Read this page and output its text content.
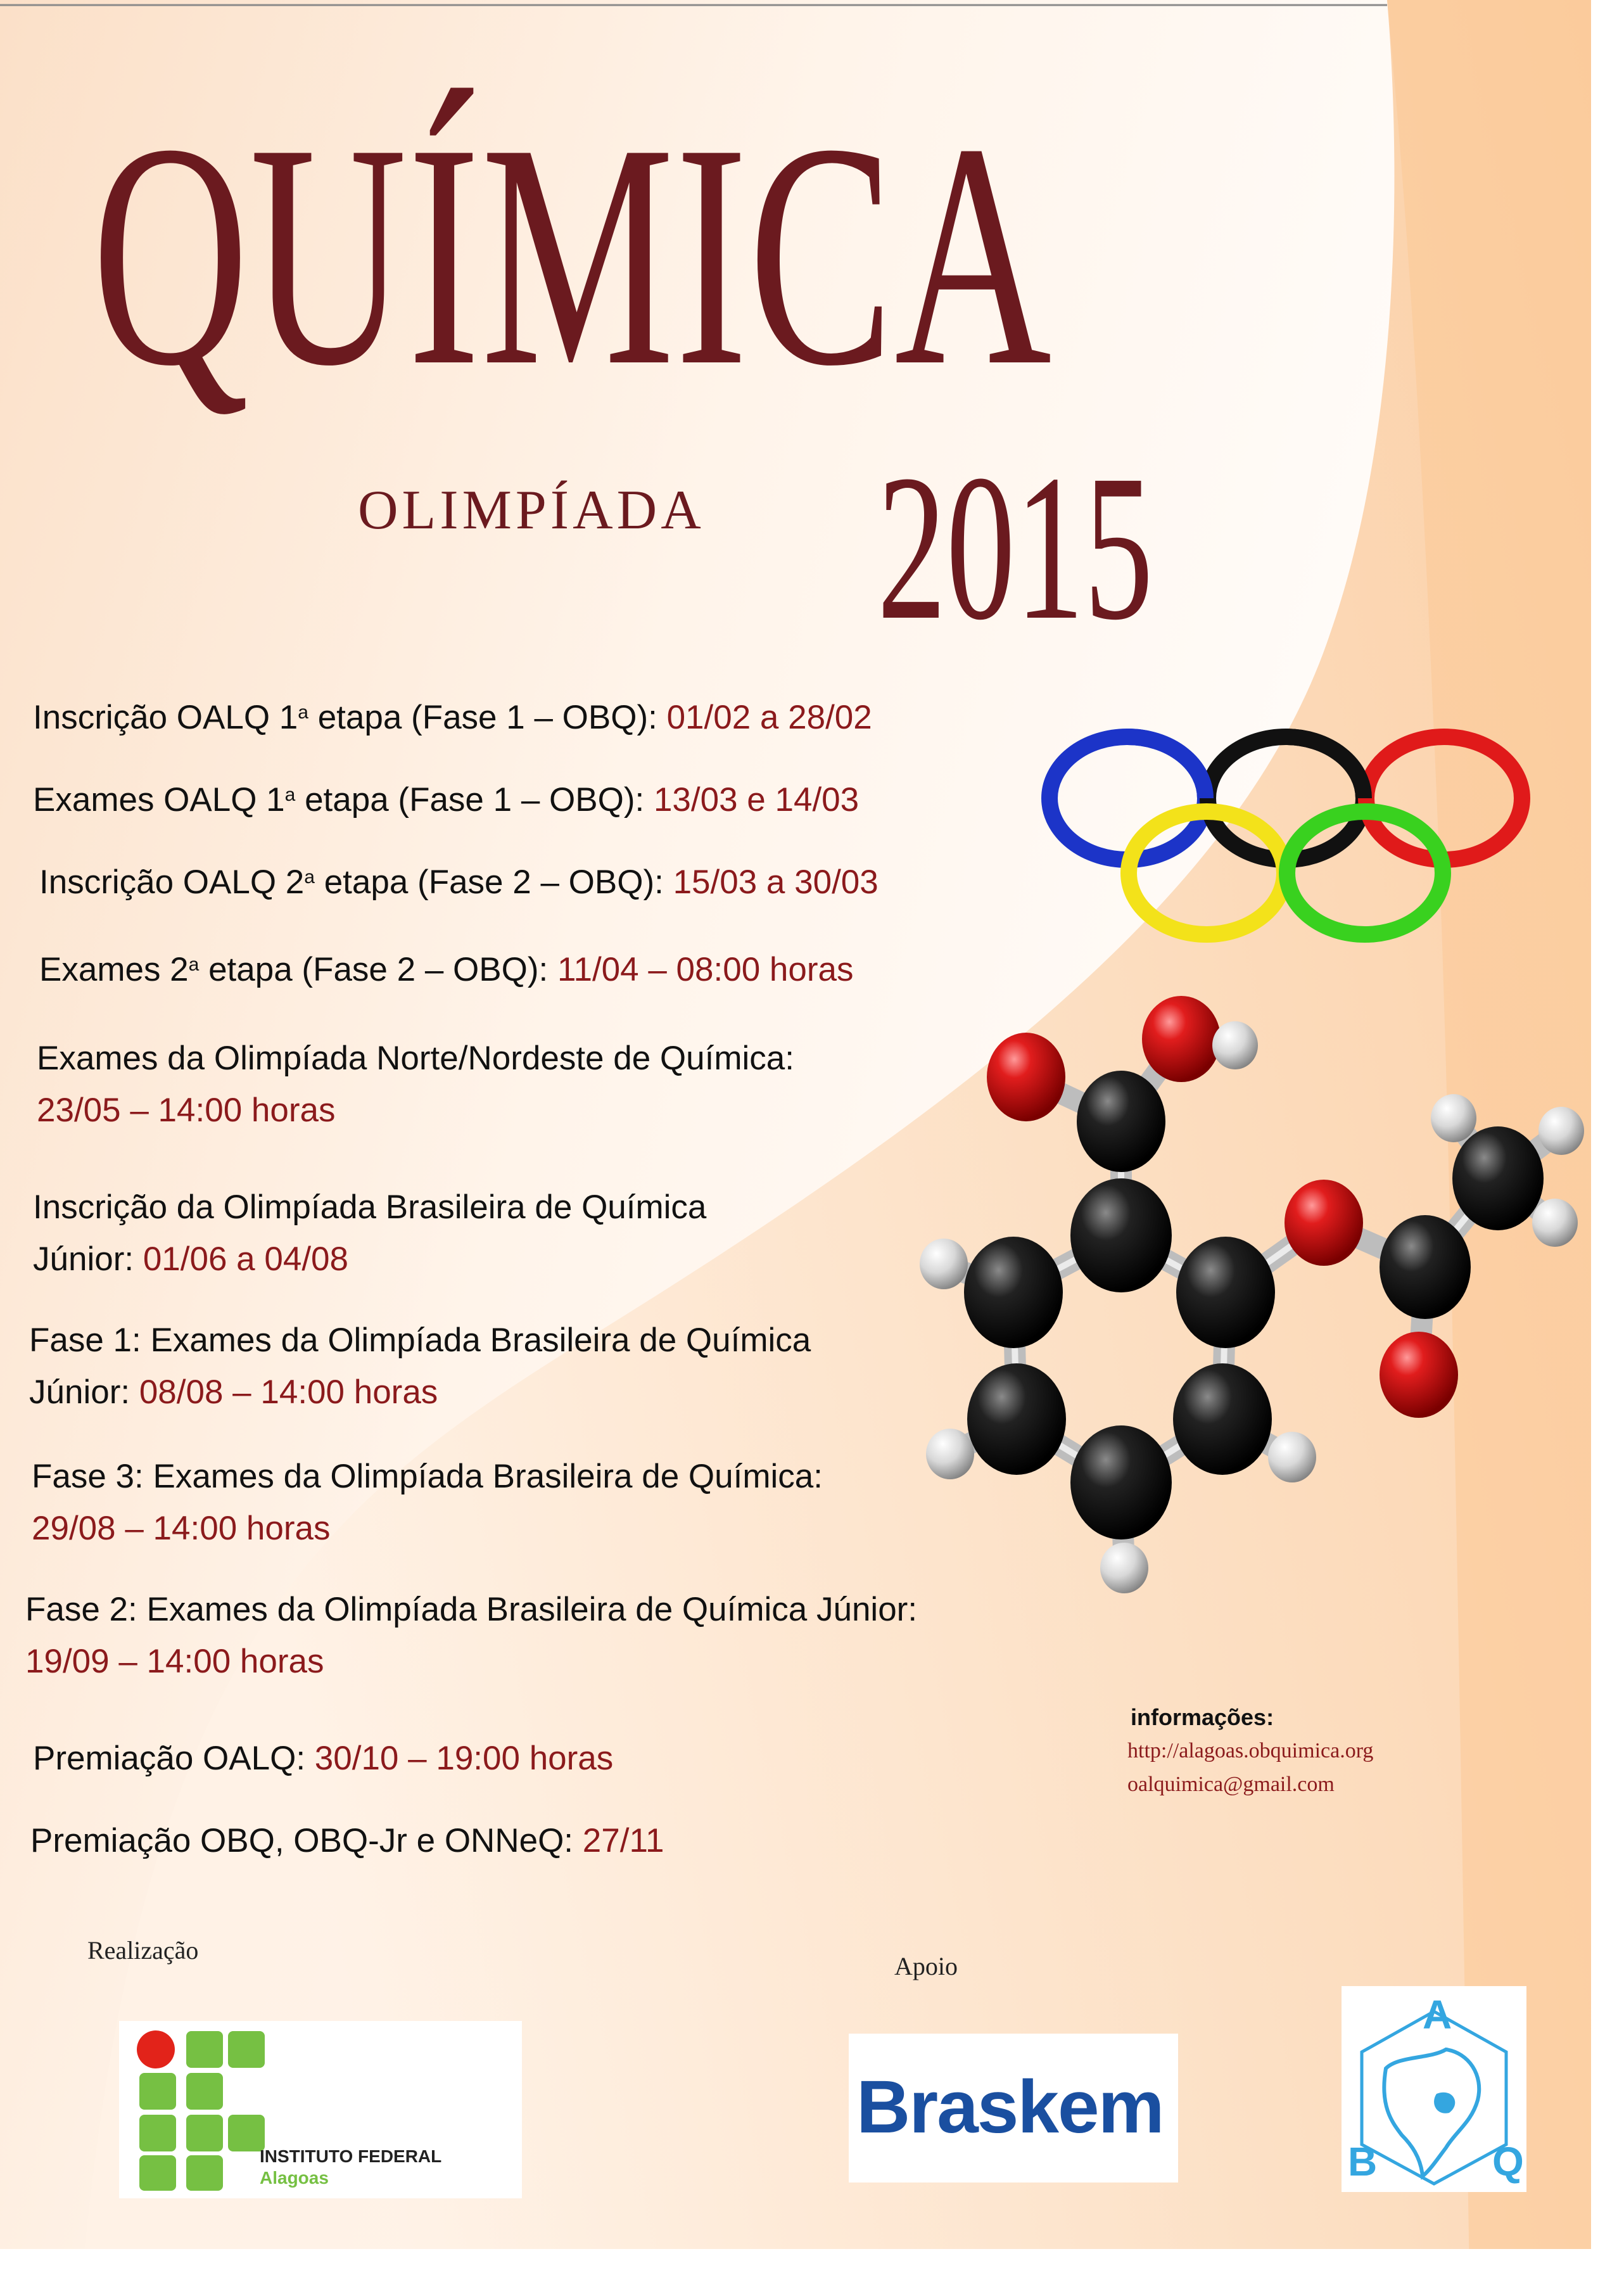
QUÍMICA
OLIMPÍADA 2015
Inscrição OALQ 1$^a$ etapa (Fase 1 – OBQ): 01/02 a 28/02
Exames OALQ 1$^a$ etapa (Fase 1 – OBQ): 13/03 e 14/03
Inscrição OALQ 2$^a$ etapa (Fase 2 – OBQ): 15/03 a 30/03
Exames 2$^a$ etapa (Fase 2 – OBQ): 11/04 – 08:00 horas
Exames da Olimpíada Norte/Nordeste de Química:
23/05 – 14:00 horas
Inscrição da Olimpíada Brasileira de Química
Júnior: 01/06 a 04/08
Fase 1: Exames da Olimpíada Brasileira de Química
Júnior: 08/08 – 14:00 horas
Fase 3: Exames da Olimpíada Brasileira de Química:
29/08 – 14:00 horas
Fase 2: Exames da Olimpíada Brasileira de Química Júnior:
19/09 – 14:00 horas
Premiação OALQ: 30/10 – 19:00 horas
Premiação OBQ, OBQ-Jr e ONNeQ: 27/11
informações:
http://alagoas.obquimica.org
oalquimica@gmail.com
Realização
Apoio
INSTITUTO FEDERAL
Alagoas
Braskem
A
B	Q
